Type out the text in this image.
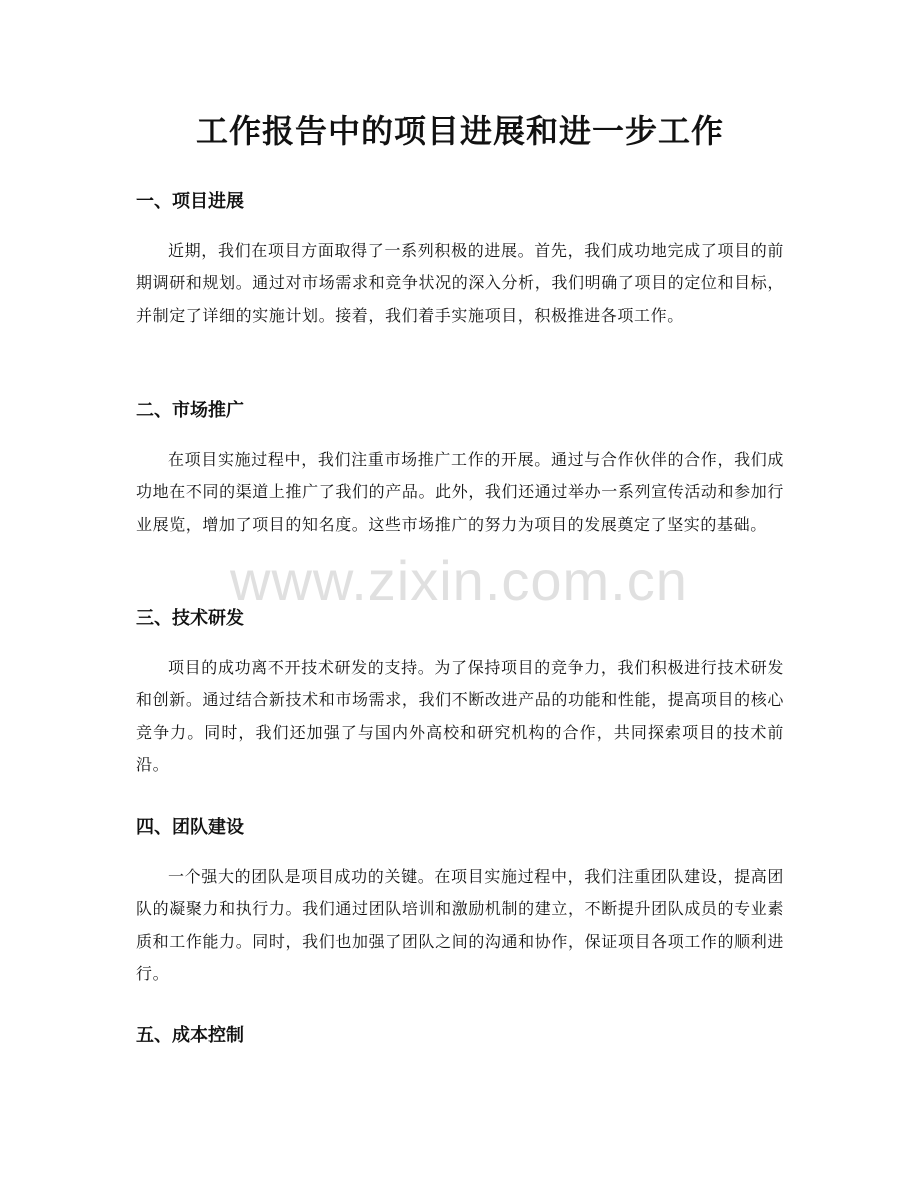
工作报告中的项目进展和进一步工作
一、项目进展

近期，我们在项目方面取得了一系列积极的进展。首先，我们成功地完成了项目的前期调研和规划。通过对市场需求和竞争状况的深入分析，我们明确了项目的定位和目标，并制定了详细的实施计划。接着，我们着手实施项目，积极推进各项工作。

二、市场推广

在项目实施过程中，我们注重市场推广工作的开展。通过与合作伙伴的合作，我们成功地在不同的渠道上推广了我们的产品。此外，我们还通过举办一系列宣传活动和参加行业展览，增加了项目的知名度。这些市场推广的努力为项目的发展奠定了坚实的基础。

三、技术研发

项目的成功离不开技术研发的支持。为了保持项目的竞争力，我们积极进行技术研发和创新。通过结合新技术和市场需求，我们不断改进产品的功能和性能，提高项目的核心竞争力。同时，我们还加强了与国内外高校和研究机构的合作，共同探索项目的技术前沿。

四、团队建设

一个强大的团队是项目成功的关键。在项目实施过程中，我们注重团队建设，提高团队的凝聚力和执行力。我们通过团队培训和激励机制的建立，不断提升团队成员的专业素质和工作能力。同时，我们也加强了团队之间的沟通和协作，保证项目各项工作的顺利进行。

五、成本控制
www.zixin.com.cn
